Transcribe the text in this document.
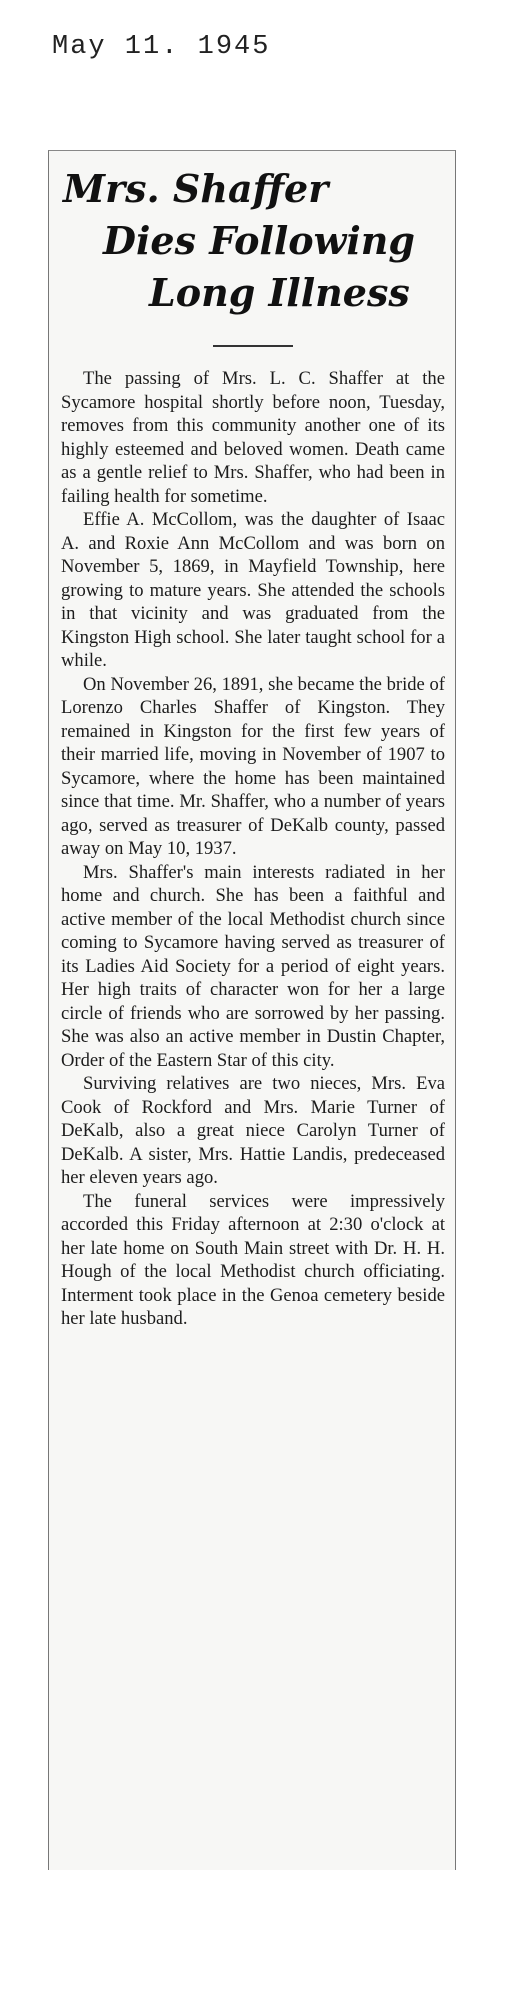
May 11. 1945
Mrs. Shaffer
Dies Following
Long Illness

The passing of Mrs. L. C. Shaffer at the Sycamore hospital shortly before noon, Tuesday, removes from this community another one of its highly esteemed and beloved women. Death came as a gentle relief to Mrs. Shaffer, who had been in failing health for sometime.

Effie A. McCollom, was the daughter of Isaac A. and Roxie Ann McCollom and was born on November 5, 1869, in Mayfield Township, here growing to mature years. She attended the schools in that vicinity and was graduated from the Kingston High school. She later taught school for a while.

On November 26, 1891, she became the bride of Lorenzo Charles Shaffer of Kingston. They remained in Kingston for the first few years of their married life, moving in November of 1907 to Sycamore, where the home has been maintained since that time. Mr. Shaffer, who a number of years ago, served as treasurer of DeKalb county, passed away on May 10, 1937.

Mrs. Shaffer's main interests radiated in her home and church. She has been a faithful and active member of the local Methodist church since coming to Sycamore having served as treasurer of its Ladies Aid Society for a period of eight years. Her high traits of character won for her a large circle of friends who are sorrowed by her passing. She was also an active member in Dustin Chapter, Order of the Eastern Star of this city.

Surviving relatives are two nieces, Mrs. Eva Cook of Rockford and Mrs. Marie Turner of DeKalb, also a great niece Carolyn Turner of DeKalb. A sister, Mrs. Hattie Landis, predeceased her eleven years ago.

The funeral services were impressively accorded this Friday afternoon at 2:30 o'clock at her late home on South Main street with Dr. H. H. Hough of the local Methodist church officiating. Interment took place in the Genoa cemetery beside her late husband.
